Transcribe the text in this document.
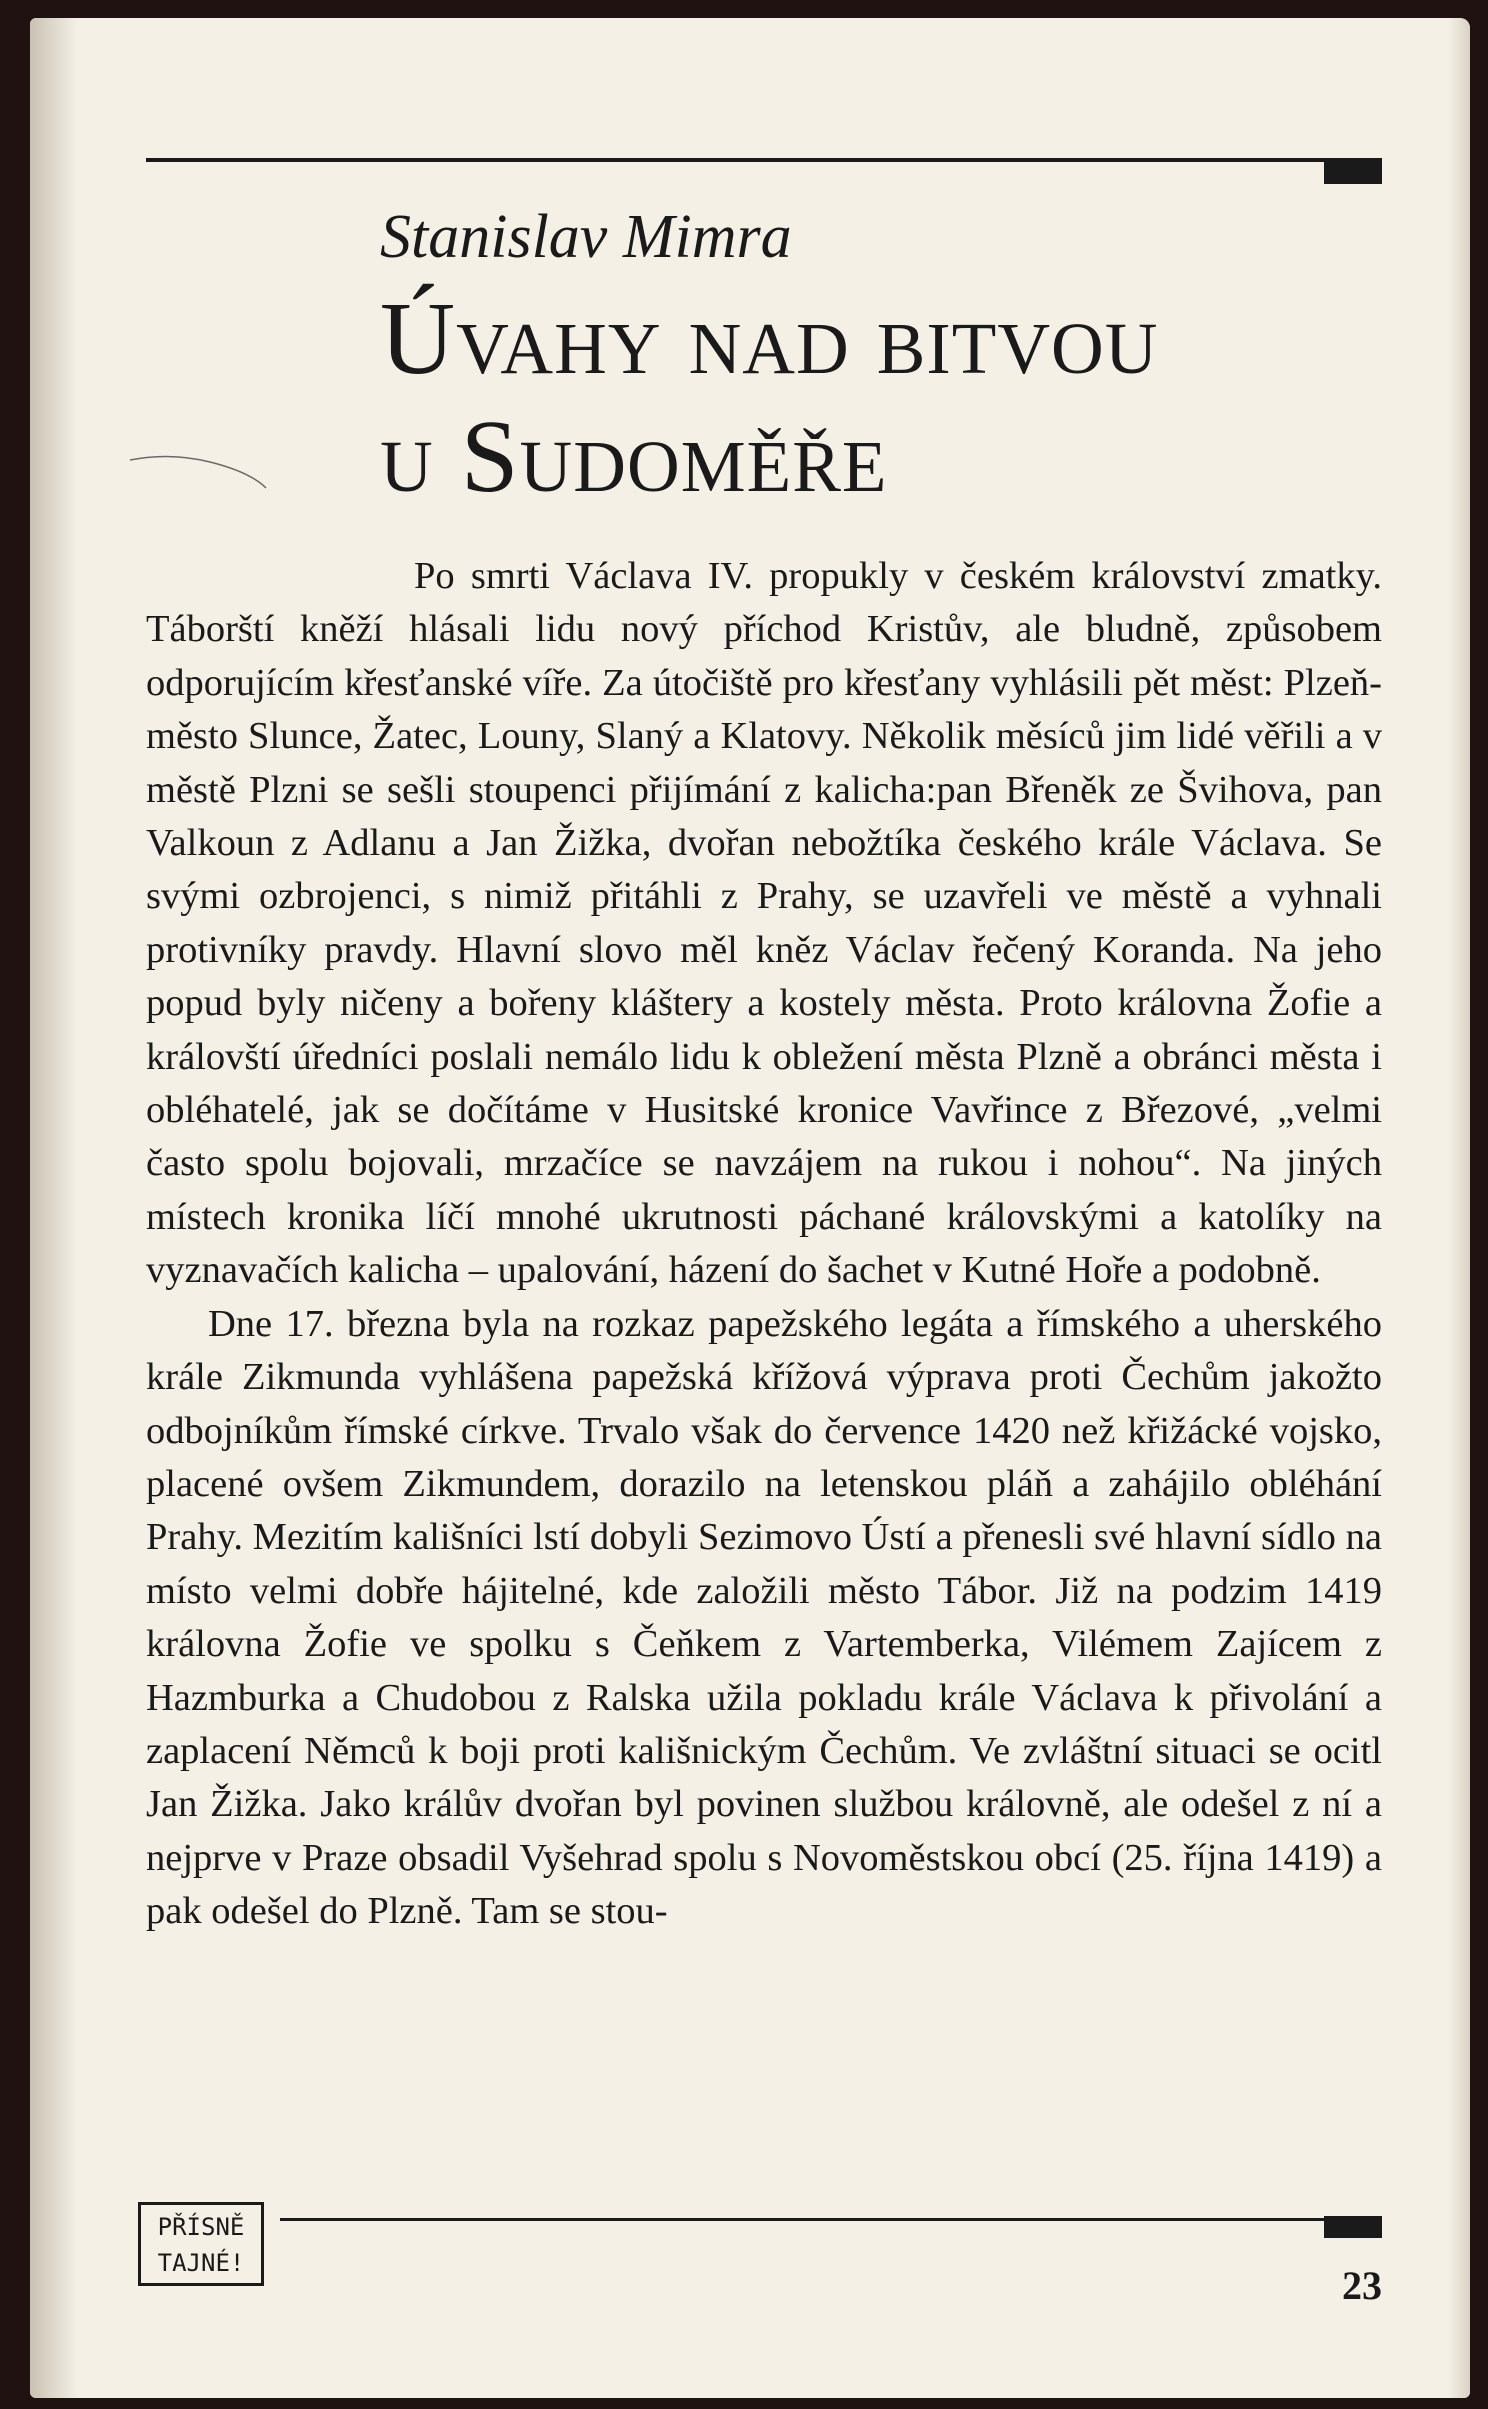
Stanislav Mimra
Úvahy nad bitvou
u Sudoměře

Po smrti Václava IV. propukly v českém království zmatky. Táborští kněží hlásali lidu nový příchod Kristův, ale bludně, způsobem odporujícím křesťanské víře. Za útočiště pro křesťany vyhlásili pět měst: Plzeň-město Slunce, Žatec, Louny, Slaný a Klatovy. Několik měsíců jim lidé věřili a v městě Plzni se sešli stoupenci přijímání z kalicha:pan Břeněk ze Švihova, pan Valkoun z Adlanu a Jan Žižka, dvořan nebožtíka českého krále Václava. Se svými ozbrojenci, s nimiž přitáhli z Prahy, se uzavřeli ve městě a vyhnali protivníky pravdy. Hlavní slovo měl kněz Václav řečený Koranda. Na jeho popud byly ničeny a bořeny kláštery a kostely města. Proto královna Žofie a královští úředníci poslali nemálo lidu k obležení města Plzně a obránci města i obléhatelé, jak se dočítáme v Husitské kronice Vavřince z Březové, „velmi často spolu bojovali, mrzačíce se navzájem na rukou i nohou“. Na jiných místech kronika líčí mnohé ukrutnosti páchané královskými a katolíky na vyznavačích kalicha – upalování, házení do šachet v Kutné Hoře a podobně.

Dne 17. března byla na rozkaz papežského legáta a římského a uherského krále Zikmunda vyhlášena papežská křížová výprava proti Čechům jakožto odbojníkům římské církve. Trvalo však do července 1420 než křižácké vojsko, placené ovšem Zikmundem, dorazilo na letenskou pláň a zahájilo obléhání Prahy. Mezitím kališníci lstí dobyli Sezimovo Ústí a přenesli své hlavní sídlo na místo velmi dobře hájitelné, kde založili město Tábor. Již na podzim 1419 královna Žofie ve spolku s Čeňkem z Vartemberka, Vilémem Zajícem z Hazmburka a Chudobou z Ralska užila pokladu krále Václava k přivolání a zaplacení Němců k boji proti kališnickým Čechům. Ve zvláštní situaci se ocitl Jan Žižka. Jako králův dvořan byl povinen službou královně, ale odešel z ní a nejprve v Praze obsadil Vyšehrad spolu s Novoměstskou obcí (25. října 1419) a pak odešel do Plzně. Tam se stou-

PŘÍSNĚ
TAJNÉ!	23
